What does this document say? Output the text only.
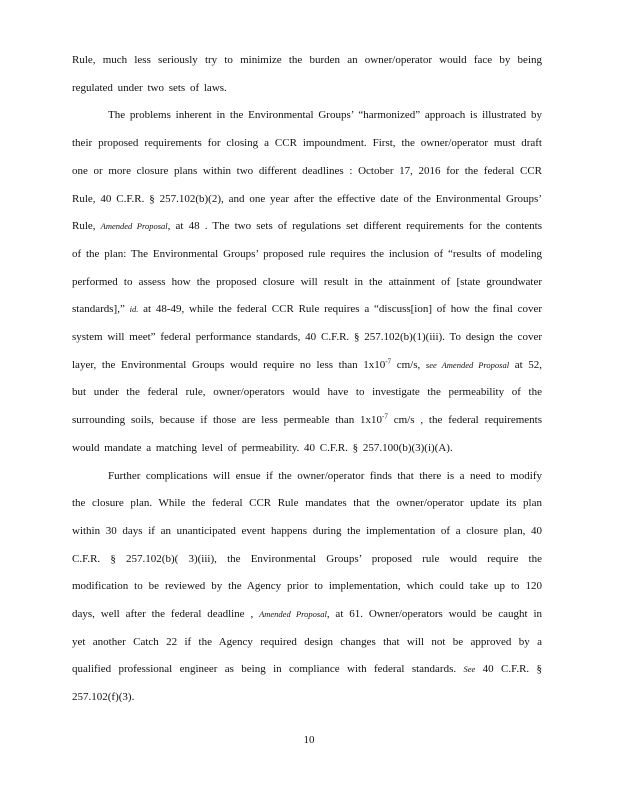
Rule, much less seriously try to minimize the burden an owner/operator would face by being regulated under two sets of laws.

The problems inherent in the Environmental Groups’ “harmonized” approach is illustrated by their proposed requirements for closing a CCR impoundment. First, the owner/operator must draft one or more closure plans within two different deadlines : October 17, 2016 for the federal CCR Rule, 40 C.F.R. § 257.102(b)(2), and one year after the effective date of the Environmental Groups’ Rule, Amended Proposal, at 48 . The two sets of regulations set different requirements for the contents of the plan: The Environmental Groups’ proposed rule requires the inclusion of “results of modeling performed to assess how the proposed closure will result in the attainment of [state groundwater standards],” id. at 48-49, while the federal CCR Rule requires a “discuss[ion] of how the final cover system will meet” federal performance standards, 40 C.F.R. § 257.102(b)(1)(iii). To design the cover layer, the Environmental Groups would require no less than $1x10^{-7}$ cm/s, see Amended Proposal at 52, but under the federal rule, owner/operators would have to investigate the permeability of the surrounding soils, because if those are less permeable than $1x10^{-7}$ cm/s , the federal requirements would mandate a matching level of permeability. 40 C.F.R. § 257.100(b)(3)(i)(A).

Further complications will ensue if the owner/operator finds that there is a need to modify the closure plan. While the federal CCR Rule mandates that the owner/operator update its plan within 30 days if an unanticipated event happens during the implementation of a closure plan, 40 C.F.R. § 257.102(b)( 3)(iii), the Environmental Groups’ proposed rule would require the modification to be reviewed by the Agency prior to implementation, which could take up to 120 days, well after the federal deadline , Amended Proposal, at 61. Owner/operators would be caught in yet another Catch 22 if the Agency required design changes that will not be approved by a qualified professional engineer as being in compliance with federal standards. See 40 C.F.R. § 257.102(f)(3).

10
